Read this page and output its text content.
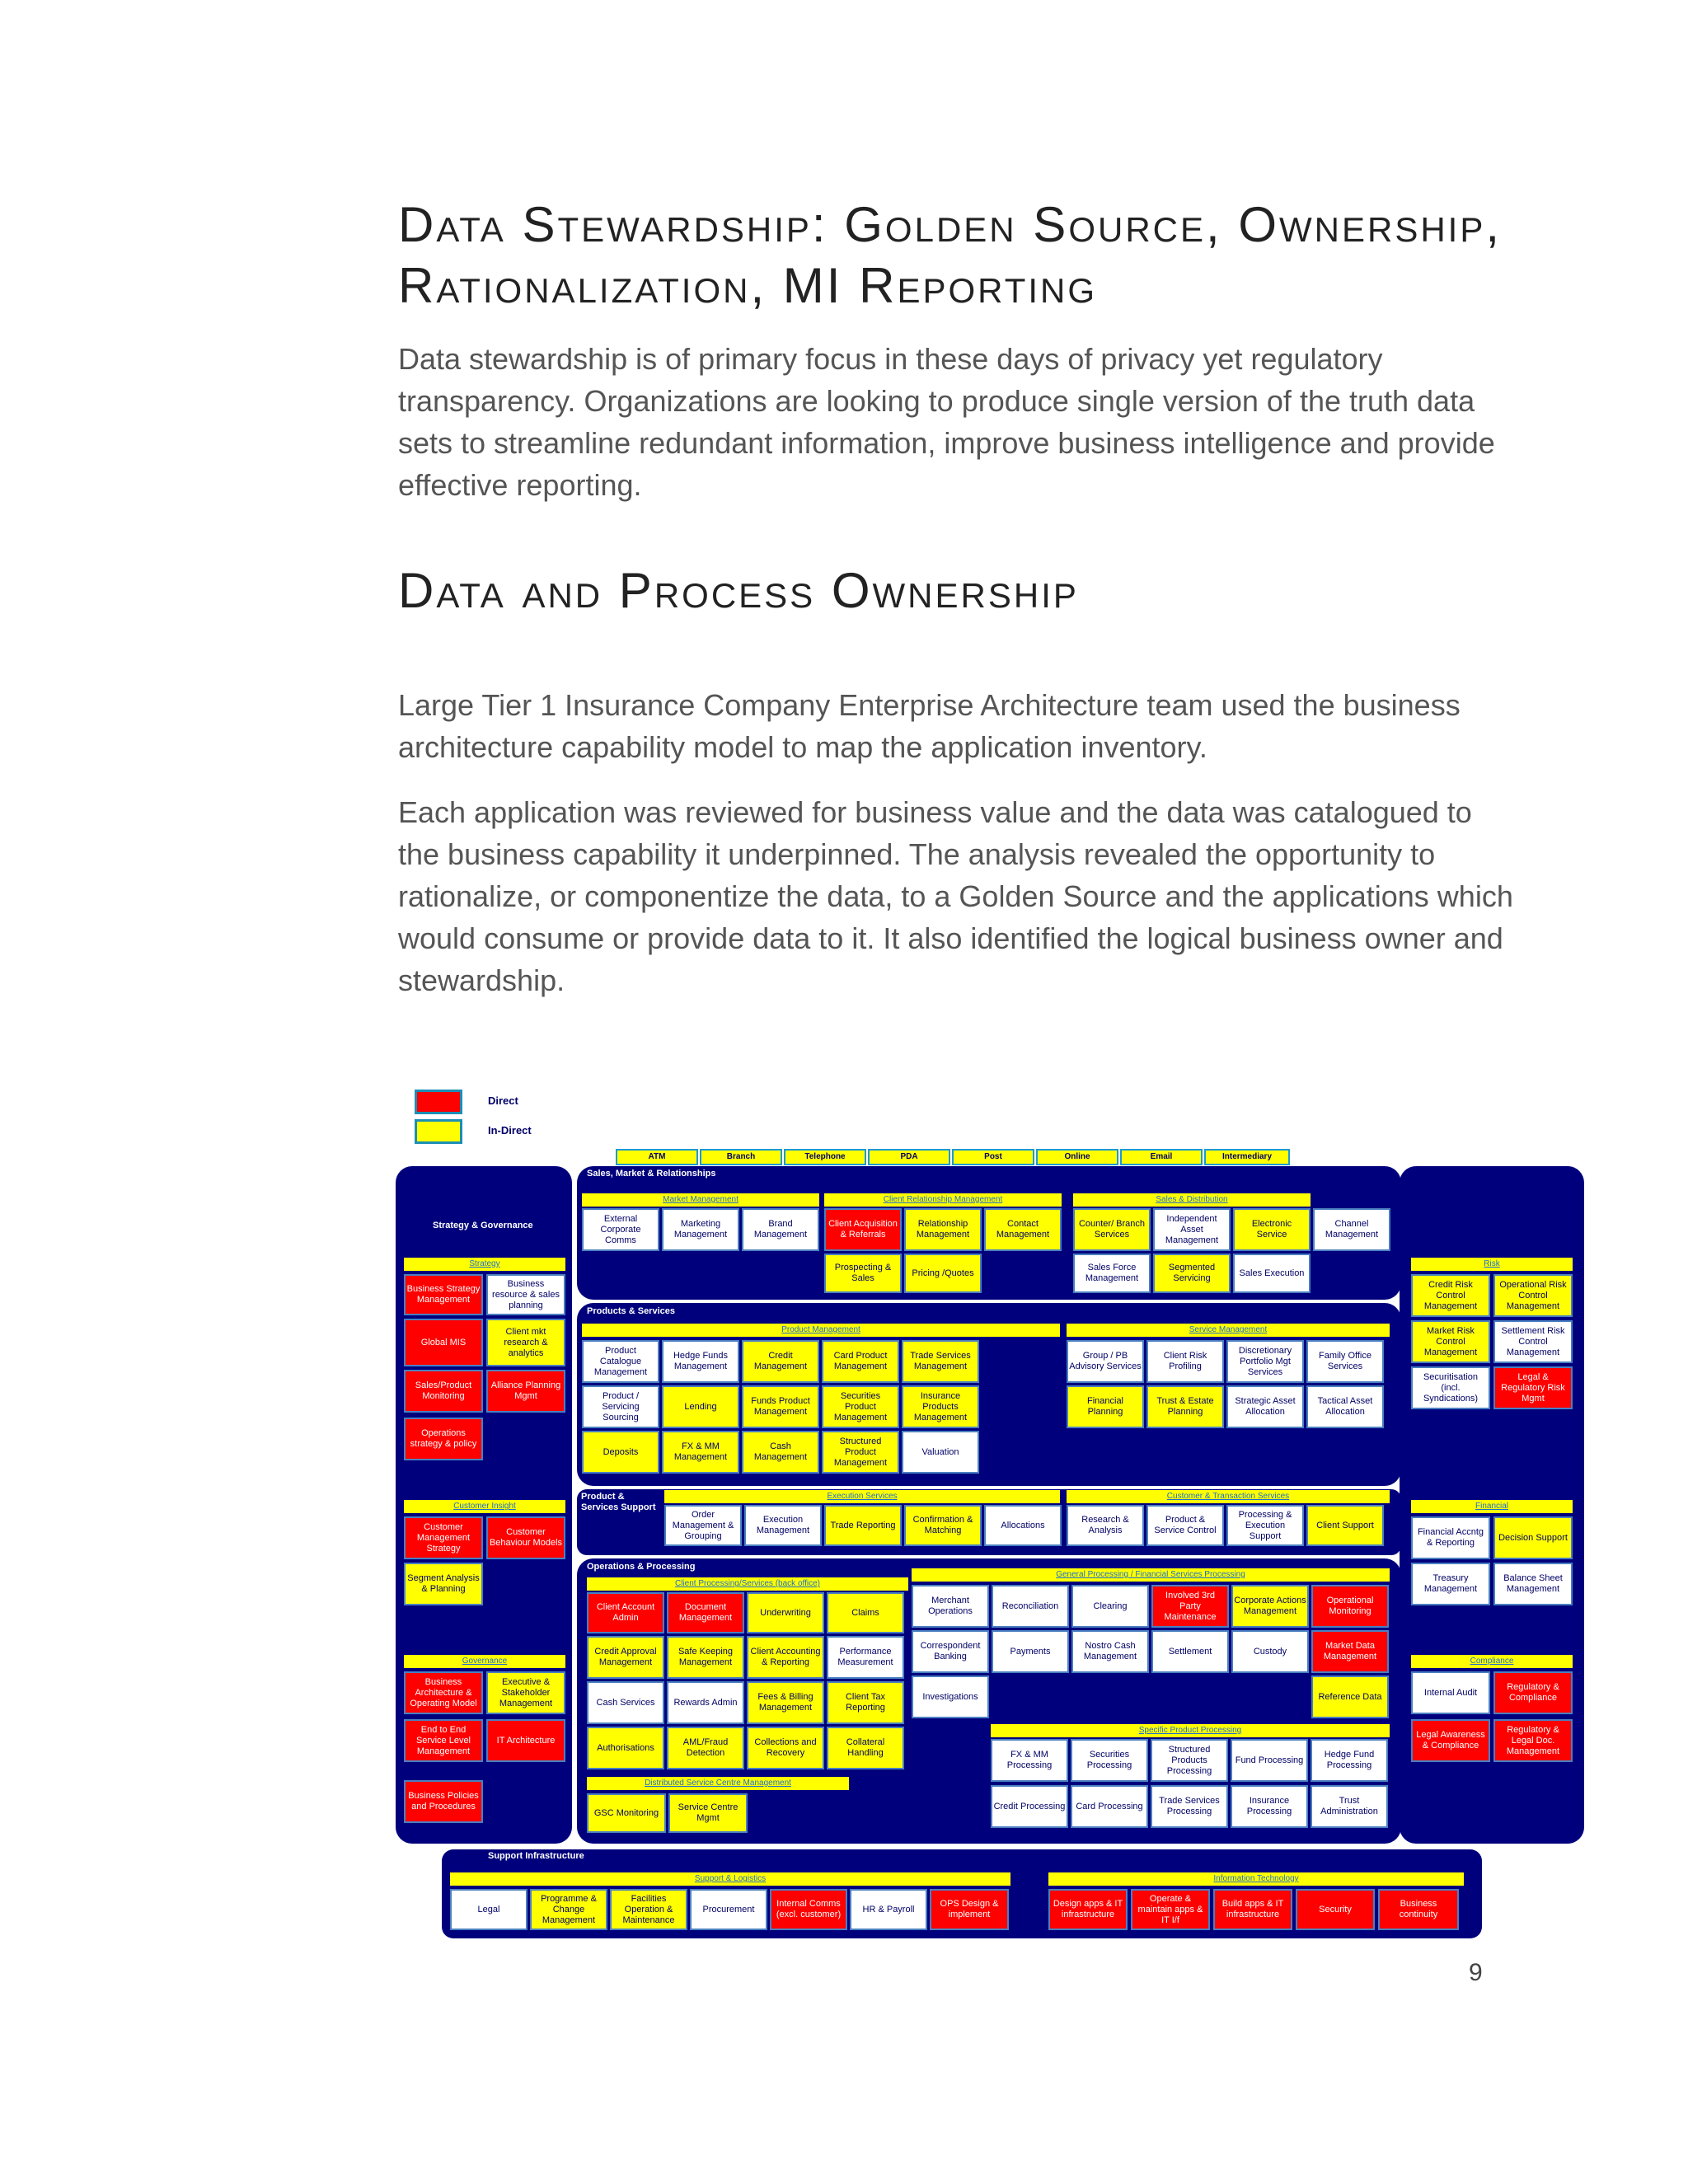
Data Stewardship: Golden Source, Ownership, Rationalization, MI Reporting

Data stewardship is of primary focus in these days of privacy yet regulatory transparency. Organizations are looking to produce single version of the truth data sets to streamline redundant information, improve business intelligence and provide effective reporting.

Data and Process Ownership

Large Tier 1 Insurance Company Enterprise Architecture team used the business architecture capability model to map the application inventory.

Each application was reviewed for business value and the data was catalogued to the business capability it underpinned. The analysis revealed the opportunity to rationalize, or componentize the data, to a Golden Source and the applications which would consume or provide data to it. It also identified the logical business owner and stewardship.

Direct
In-Direct
ATM	Branch	Telephone	PDA	Post	Online	Email	Intermediary
Strategy & Governance
Sales, Market & Relationships
Products & Services
Product & Services Support
Operations & Processing
Support Infrastructure
Market Management	Client Relationship Management	Sales & Distribution
Strategy	Risk
Product Management	Service Management
Execution Services	Customer & Transaction Services
Customer Insight	Financial
Client Processing/Services (back office)
General Processing / Financial Services Processing
Governance	Compliance
Specific Product Processing
Distributed Service Centre Management
Support & Logistics	Information Technology
External Corporate Comms
Marketing Management
Brand Management
Client Acquisition & Referrals
Relationship Management
Contact Management
Prospecting & Sales
Pricing /Quotes
Counter/ Branch Services
Independent Asset Management
Electronic Service
Channel Management
Sales Force Management
Segmented Servicing
Sales Execution
Business Strategy Management
Business resource & sales planning
Global MIS
Client mkt research & analytics
Sales/Product Monitoring
Alliance Planning Mgmt
Operations strategy & policy
Credit Risk Control Management
Operational Risk Control Management
Market Risk Control Management
Settlement Risk Control Management
Securitisation (incl. Syndications)
Legal & Regulatory Risk Mgmt
Product Catalogue Management
Hedge Funds Management
Credit Management
Card Product Management
Trade Services Management
Product / Servicing Sourcing
Lending
Funds Product Management
Securities Product Management
Insurance Products Management
Deposits
FX & MM Management
Cash Management
Structured Product Management
Valuation
Group / PB Advisory Services
Client Risk Profiling
Discretionary Portfolio Mgt Services
Family Office Services
Financial Planning
Trust & Estate Planning
Strategic Asset Allocation
Tactical Asset Allocation
Order Management & Grouping
Execution Management
Trade Reporting
Confirmation & Matching
Allocations
Research & Analysis
Product & Service Control
Processing & Execution Support
Client Support
Customer Management Strategy
Customer Behaviour Models
Segment Analysis & Planning
Financial Accntg & Reporting
Decision Support
Treasury Management
Balance Sheet Management
Client Account Admin
Document Management
Underwriting	Claims
Credit Approval Management
Safe Keeping Management
Client Accounting & Reporting
Performance Measurement
Cash Services	Rewards Admin
Fees & Billing Management
Client Tax Reporting
Authorisations
AML/Fraud Detection
Collections and Recovery
Collateral Handling
GSC Monitoring
Service Centre Mgmt
Merchant Operations
Reconciliation	Clearing
Involved 3rd Party Maintenance
Corporate Actions Management
Operational Monitoring
Correspondent Banking
Payments
Nostro Cash Management
Settlement	Custody
Market Data Management
Investigations	Reference Data
FX & MM Processing
Securities Processing
Structured Products Processing
Fund Processing
Hedge Fund Processing
Credit Processing	Card Processing
Trade Services Processing
Insurance Processing
Trust Administration
Business Architecture & Operating Model
Executive & Stakeholder Management
End to End Service Level Management
IT Architecture
Business Policies and Procedures
Internal Audit
Regulatory & Compliance
Legal Awareness & Compliance
Regulatory & Legal Doc. Management
Legal
Programme & Change Management
Facilities Operation & Maintenance
Procurement
Internal Comms (excl. customer)
HR & Payroll
OPS Design & implement
Design apps & IT infrastructure
Operate & maintain apps & IT I/f
Build apps & IT infrastructure
Security
Business continuity
9
